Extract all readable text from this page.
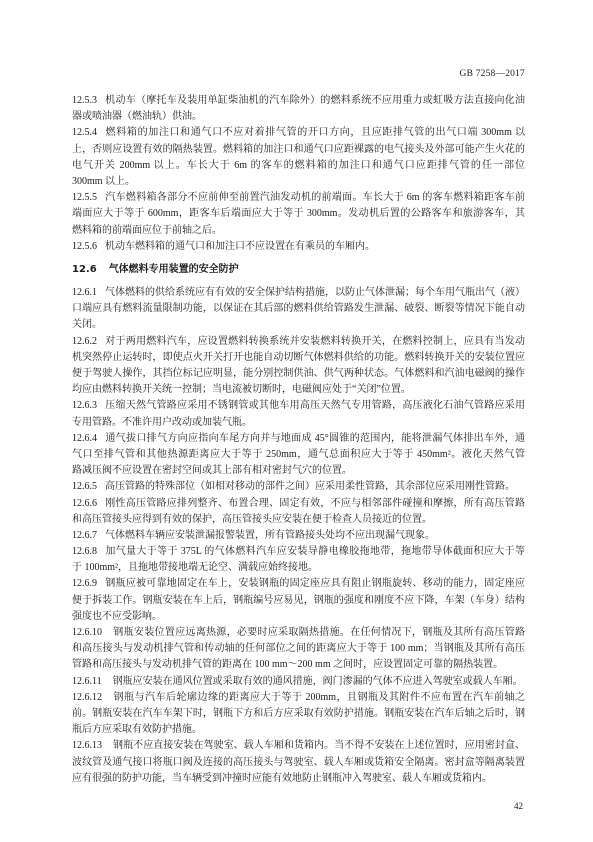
GB 7258—2017
12.5.3 机动车（摩托车及装用单缸柴油机的汽车除外）的燃料系统不应用重力或虹吸方法直接向化油
器或喷油器（燃油轨）供油。
12.5.4 燃料箱的加注口和通气口不应对着排气管的开口方向，且应距排气管的出气口端 300mm 以
上，否则应设置有效的隔热装置。燃料箱的加注口和通气口应距裸露的电气接头及外部可能产生火花的
电气开关 200mm 以上。车长大于 6m 的客车的燃料箱的加注口和通气口应距排气管的任一部位
300mm 以上。
12.5.5 汽车燃料箱各部分不应前伸至前置汽油发动机的前端面。车长大于 6m 的客车燃料箱距客车前
端面应大于等于 600mm，距客车后端面应大于等于 300mm。发动机后置的公路客车和旅游客车，其
燃料箱的前端面应位于前轴之后。
12.5.6 机动车燃料箱的通气口和加注口不应设置在有乘员的车厢内。
12.6 气体燃料专用装置的安全防护
12.6.1 气体燃料的供给系统应有有效的安全保护结构措施，以防止气体泄漏；每个车用气瓶出气（液）
口端应具有燃料流量限制功能，以保证在其后部的燃料供给管路发生泄漏、破裂、断裂等情况下能自动
关闭。
12.6.2 对于两用燃料汽车，应设置燃料转换系统并安装燃料转换开关，在燃料控制上，应具有当发动
机突然停止运转时，即使点火开关打开也能自动切断气体燃料供给的功能。燃料转换开关的安装位置应
便于驾驶人操作，其挡位标记应明显，能分别控制供油、供气两种状态。气体燃料和汽油电磁阀的操作
均应由燃料转换开关统一控制；当电流被切断时，电磁阀应处于“关闭”位置。
12.6.3 压缩天然气管路应采用不锈钢管或其他车用高压天然气专用管路，高压液化石油气管路应采用
专用管路。不准许用户改动或加装气瓶。
12.6.4 通气拔口排气方向应指向车尾方向并与地面成 45°圆锥的范围内，能将泄漏气体排出车外，通
气口至排气管和其他热源距离应大于等于 250mm，通气总面积应大于等于 450mm²。液化天然气管
路减压阀不应设置在密封空间或其上部有相对密封气穴的位置。
12.6.5 高压管路的特殊部位（如相对移动的部件之间）应采用柔性管路，其余部位应采用刚性管路。
12.6.6 刚性高压管路应排列整齐、布置合理、固定有效，不应与相邻部件碰撞和摩擦，所有高压管路
和高压管接头应得到有效的保护，高压管接头应安装在便于检查人员接近的位置。
12.6.7 气体燃料车辆应安装泄漏报警装置，所有管路接头处均不应出现漏气现象。
12.6.8 加气量大于等于 375L 的气体燃料汽车应安装导静电橡胶拖地带，拖地带导体截面积应大于等
于 100mm²，且拖地带接地端无论空、满载应始终接地。
12.6.9 钢瓶应被可靠地固定在车上，安装钢瓶的固定座应具有阻止钢瓶旋转、移动的能力，固定座应
便于拆装工作。钢瓶安装在车上后，钢瓶编号应易见，钢瓶的强度和刚度不应下降，车架（车身）结构
强度也不应受影响。
12.6.10 钢瓶安装位置应远离热源，必要时应采取隔热措施。在任何情况下，钢瓶及其所有高压管路
和高压接头与发动机排气管和传动轴的任何部位之间的距离应大于等于 100 mm；当钢瓶及其所有高压
管路和高压接头与发动机排气管的距离在 100 mm～200 mm 之间时，应设置固定可靠的隔热装置。
12.6.11 钢瓶应安装在通风位置或采取有效的通风措施，阀门渗漏的气体不应进入驾驶室或载人车厢。
12.6.12 钢瓶与汽车后轮廓边缘的距离应大于等于 200mm，且钢瓶及其附件不应布置在汽车前轴之
前。钢瓶安装在汽车车架下时，钢瓶下方和后方应采取有效防护措施。钢瓶安装在汽车后轴之后时，钢
瓶后方应采取有效防护措施。
12.6.13 钢瓶不应直接安装在驾驶室、载人车厢和货箱内。当不得不安装在上述位置时，应用密封盒、
波纹管及通气接口将瓶口阀及连接的高压接头与驾驶室、载人车厢或货箱安全隔离。密封盒等隔离装置
应有很强的防护功能，当车辆受到冲撞时应能有效地防止钢瓶冲入驾驶室、载人车厢或货箱内。
42
